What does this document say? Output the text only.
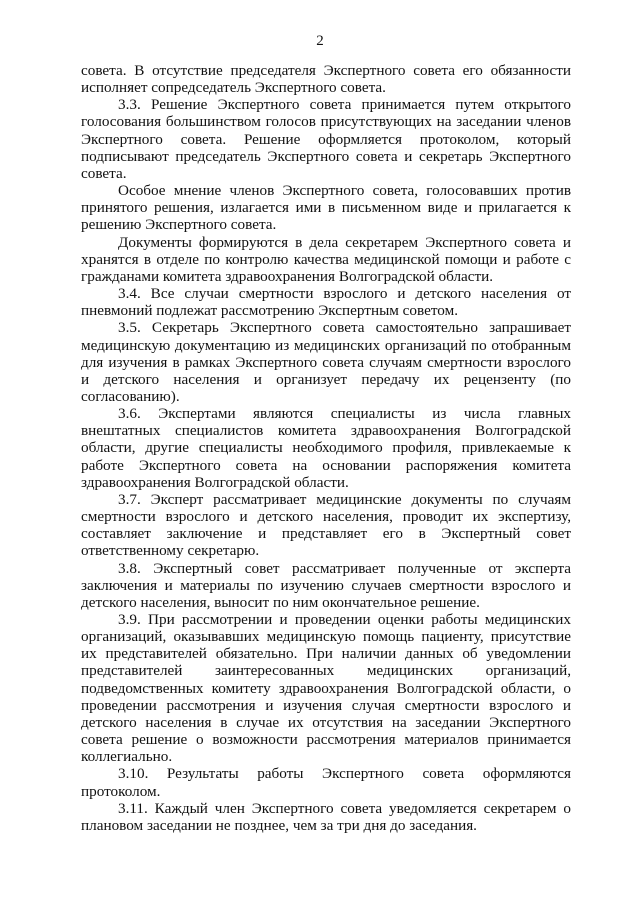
2

совета. В отсутствие председателя Экспертного совета его обязанности исполняет сопредседатель Экспертного совета.

3.3. Решение Экспертного совета принимается путем открытого голосования большинством голосов присутствующих на заседании членов Экспертного совета. Решение оформляется протоколом, который подписывают председатель Экспертного совета и секретарь Экспертного совета.

Особое мнение членов Экспертного совета, голосовавших против принятого решения, излагается ими в письменном виде и прилагается к решению Экспертного совета.

Документы формируются в дела секретарем Экспертного совета и хранятся в отделе по контролю качества медицинской помощи и работе с гражданами комитета здравоохранения Волгоградской области.

3.4. Все случаи смертности взрослого и детского населения от пневмоний подлежат рассмотрению Экспертным советом.

3.5. Секретарь Экспертного совета самостоятельно запрашивает медицинскую документацию из медицинских организаций по отобранным для изучения в рамках Экспертного совета случаям смертности взрослого и детского населения и организует передачу их рецензенту (по согласованию).

3.6. Экспертами являются специалисты из числа главных внештатных специалистов комитета здравоохранения Волгоградской области, другие специалисты необходимого профиля, привлекаемые к работе Экспертного совета на основании распоряжения комитета здравоохранения Волгоградской области.

3.7. Эксперт рассматривает медицинские документы по случаям смертности взрослого и детского населения, проводит их экспертизу, составляет заключение и представляет его в Экспертный совет ответственному секретарю.

3.8. Экспертный совет рассматривает полученные от эксперта заключения и материалы по изучению случаев смертности взрослого и детского населения, выносит по ним окончательное решение.

3.9. При рассмотрении и проведении оценки работы медицинских организаций, оказывавших медицинскую помощь пациенту, присутствие их представителей обязательно. При наличии данных об уведомлении представителей заинтересованных медицинских организаций, подведомственных комитету здравоохранения Волгоградской области, о проведении рассмотрения и изучения случая смертности взрослого и детского населения в случае их отсутствия на заседании Экспертного совета решение о возможности рассмотрения материалов принимается коллегиально.

3.10. Результаты работы Экспертного совета оформляются протоколом.

3.11. Каждый член Экспертного совета уведомляется секретарем о плановом заседании не позднее, чем за три дня до заседания.
